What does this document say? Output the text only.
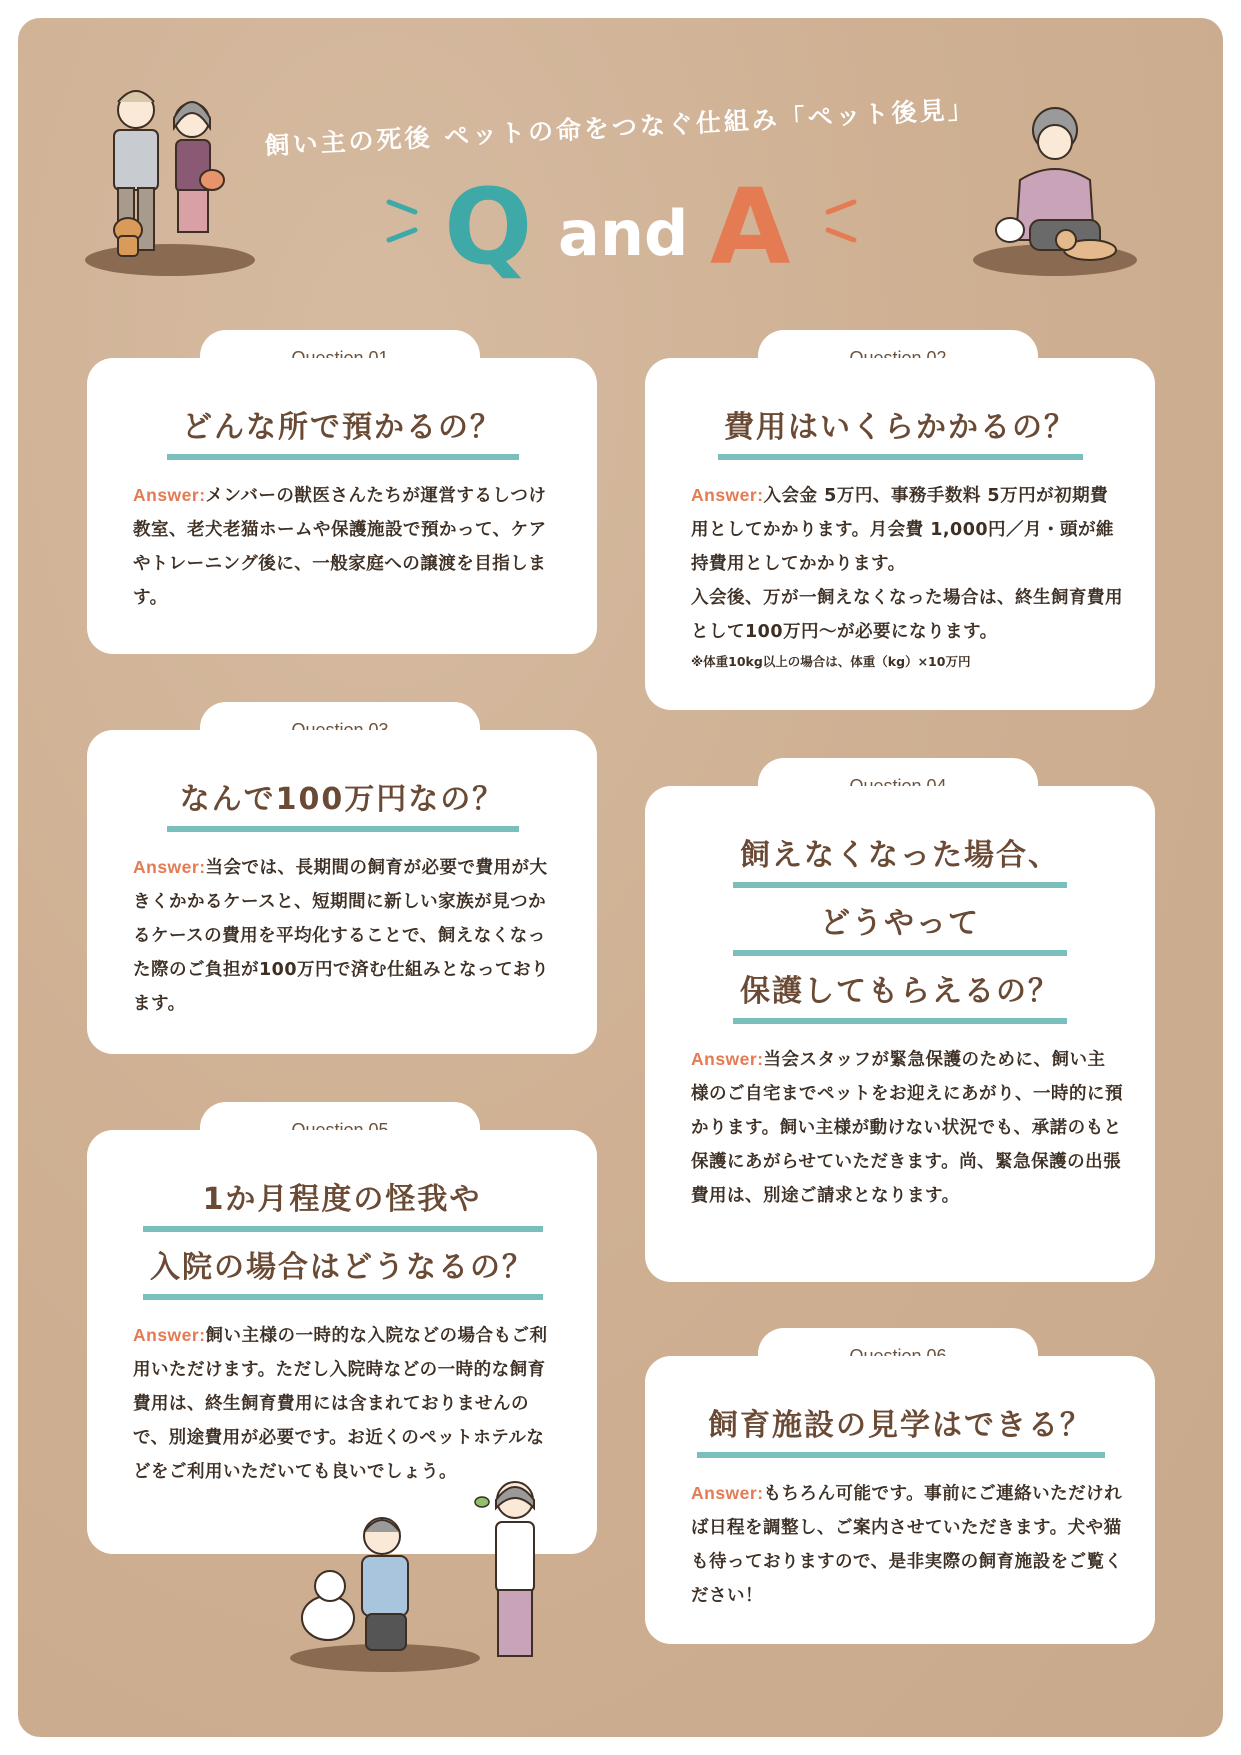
飼い主の死後 ペットの命をつなぐ仕組み「ペット後見」
Q and A
どんな所で預かるの？
Answer:メンバーの獣医さんたちが運営するしつけ教室、老犬老猫ホームや保護施設で預かって、ケアやトレーニング後に、一般家庭への譲渡を目指します。
費用はいくらかかるの？
Answer:入会金 5万円、事務手数料 5万円が初期費用としてかかります。月会費 1,000円／月・頭が維持費用としてかかります。
入会後、万が一飼えなくなった場合は、終生飼育費用として100万円〜が必要になります。
※体重10kg以上の場合は、体重（kg）×10万円
なんで100万円なの？
Answer:当会では、長期間の飼育が必要で費用が大きくかかるケースと、短期間に新しい家族が見つかるケースの費用を平均化することで、飼えなくなった際のご負担が100万円で済む仕組みとなっております。
飼えなくなった場合、
どうやって
保護してもらえるの？
Answer:当会スタッフが緊急保護のために、飼い主様のご自宅までペットをお迎えにあがり、一時的に預かります。飼い主様が動けない状況でも、承諾のもと 保護にあがらせていただきます。尚、緊急保護の出張費用は、別途ご請求となります。
1か月程度の怪我や
入院の場合はどうなるの？
Answer:飼い主様の一時的な入院などの場合もご利用いただけます。ただし入院時などの一時的な飼育費用は、終生飼育費用には含まれておりませんので、別途費用が必要です。お近くのペットホテルなどをご利用いただいても良いでしょう。
飼育施設の見学はできる？
Answer:もちろん可能です。事前にご連絡いただければ日程を調整し、ご案内させていただきます。犬や猫も待っておりますので、是非実際の飼育施設をご覧ください！
